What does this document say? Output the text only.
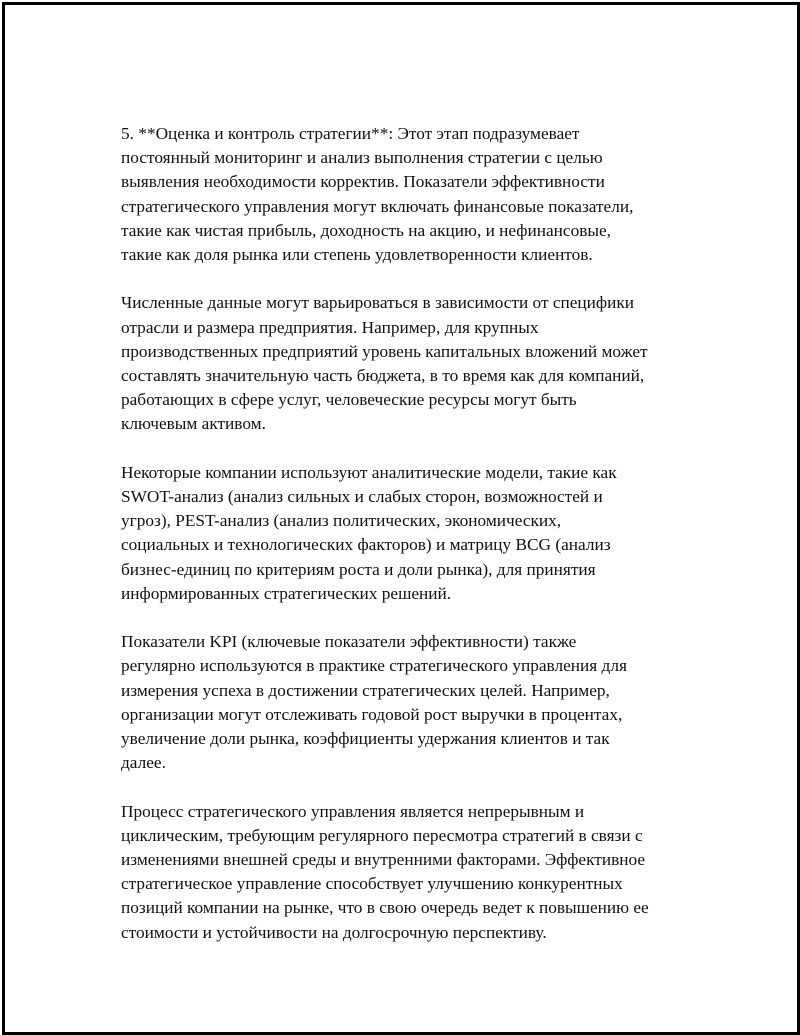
5. **Оценка и контроль стратегии**: Этот этап подразумевает
постоянный мониторинг и анализ выполнения стратегии с целью
выявления необходимости корректив. Показатели эффективности
стратегического управления могут включать финансовые показатели,
такие как чистая прибыль, доходность на акцию, и нефинансовые,
такие как доля рынка или степень удовлетворенности клиентов.

Численные данные могут варьироваться в зависимости от специфики
отрасли и размера предприятия. Например, для крупных
производственных предприятий уровень капитальных вложений может
составлять значительную часть бюджета, в то время как для компаний,
работающих в сфере услуг, человеческие ресурсы могут быть
ключевым активом.

Некоторые компании используют аналитические модели, такие как
SWOT-анализ (анализ сильных и слабых сторон, возможностей и
угроз), PEST-анализ (анализ политических, экономических,
социальных и технологических факторов) и матрицу BCG (анализ
бизнес-единиц по критериям роста и доли рынка), для принятия
информированных стратегических решений.

Показатели KPI (ключевые показатели эффективности) также
регулярно используются в практике стратегического управления для
измерения успеха в достижении стратегических целей. Например,
организации могут отслеживать годовой рост выручки в процентах,
увеличение доли рынка, коэффициенты удержания клиентов и так
далее.

Процесс стратегического управления является непрерывным и
циклическим, требующим регулярного пересмотра стратегий в связи с
изменениями внешней среды и внутренними факторами. Эффективное
стратегическое управление способствует улучшению конкурентных
позиций компании на рынке, что в свою очередь ведет к повышению ее
стоимости и устойчивости на долгосрочную перспективу.
